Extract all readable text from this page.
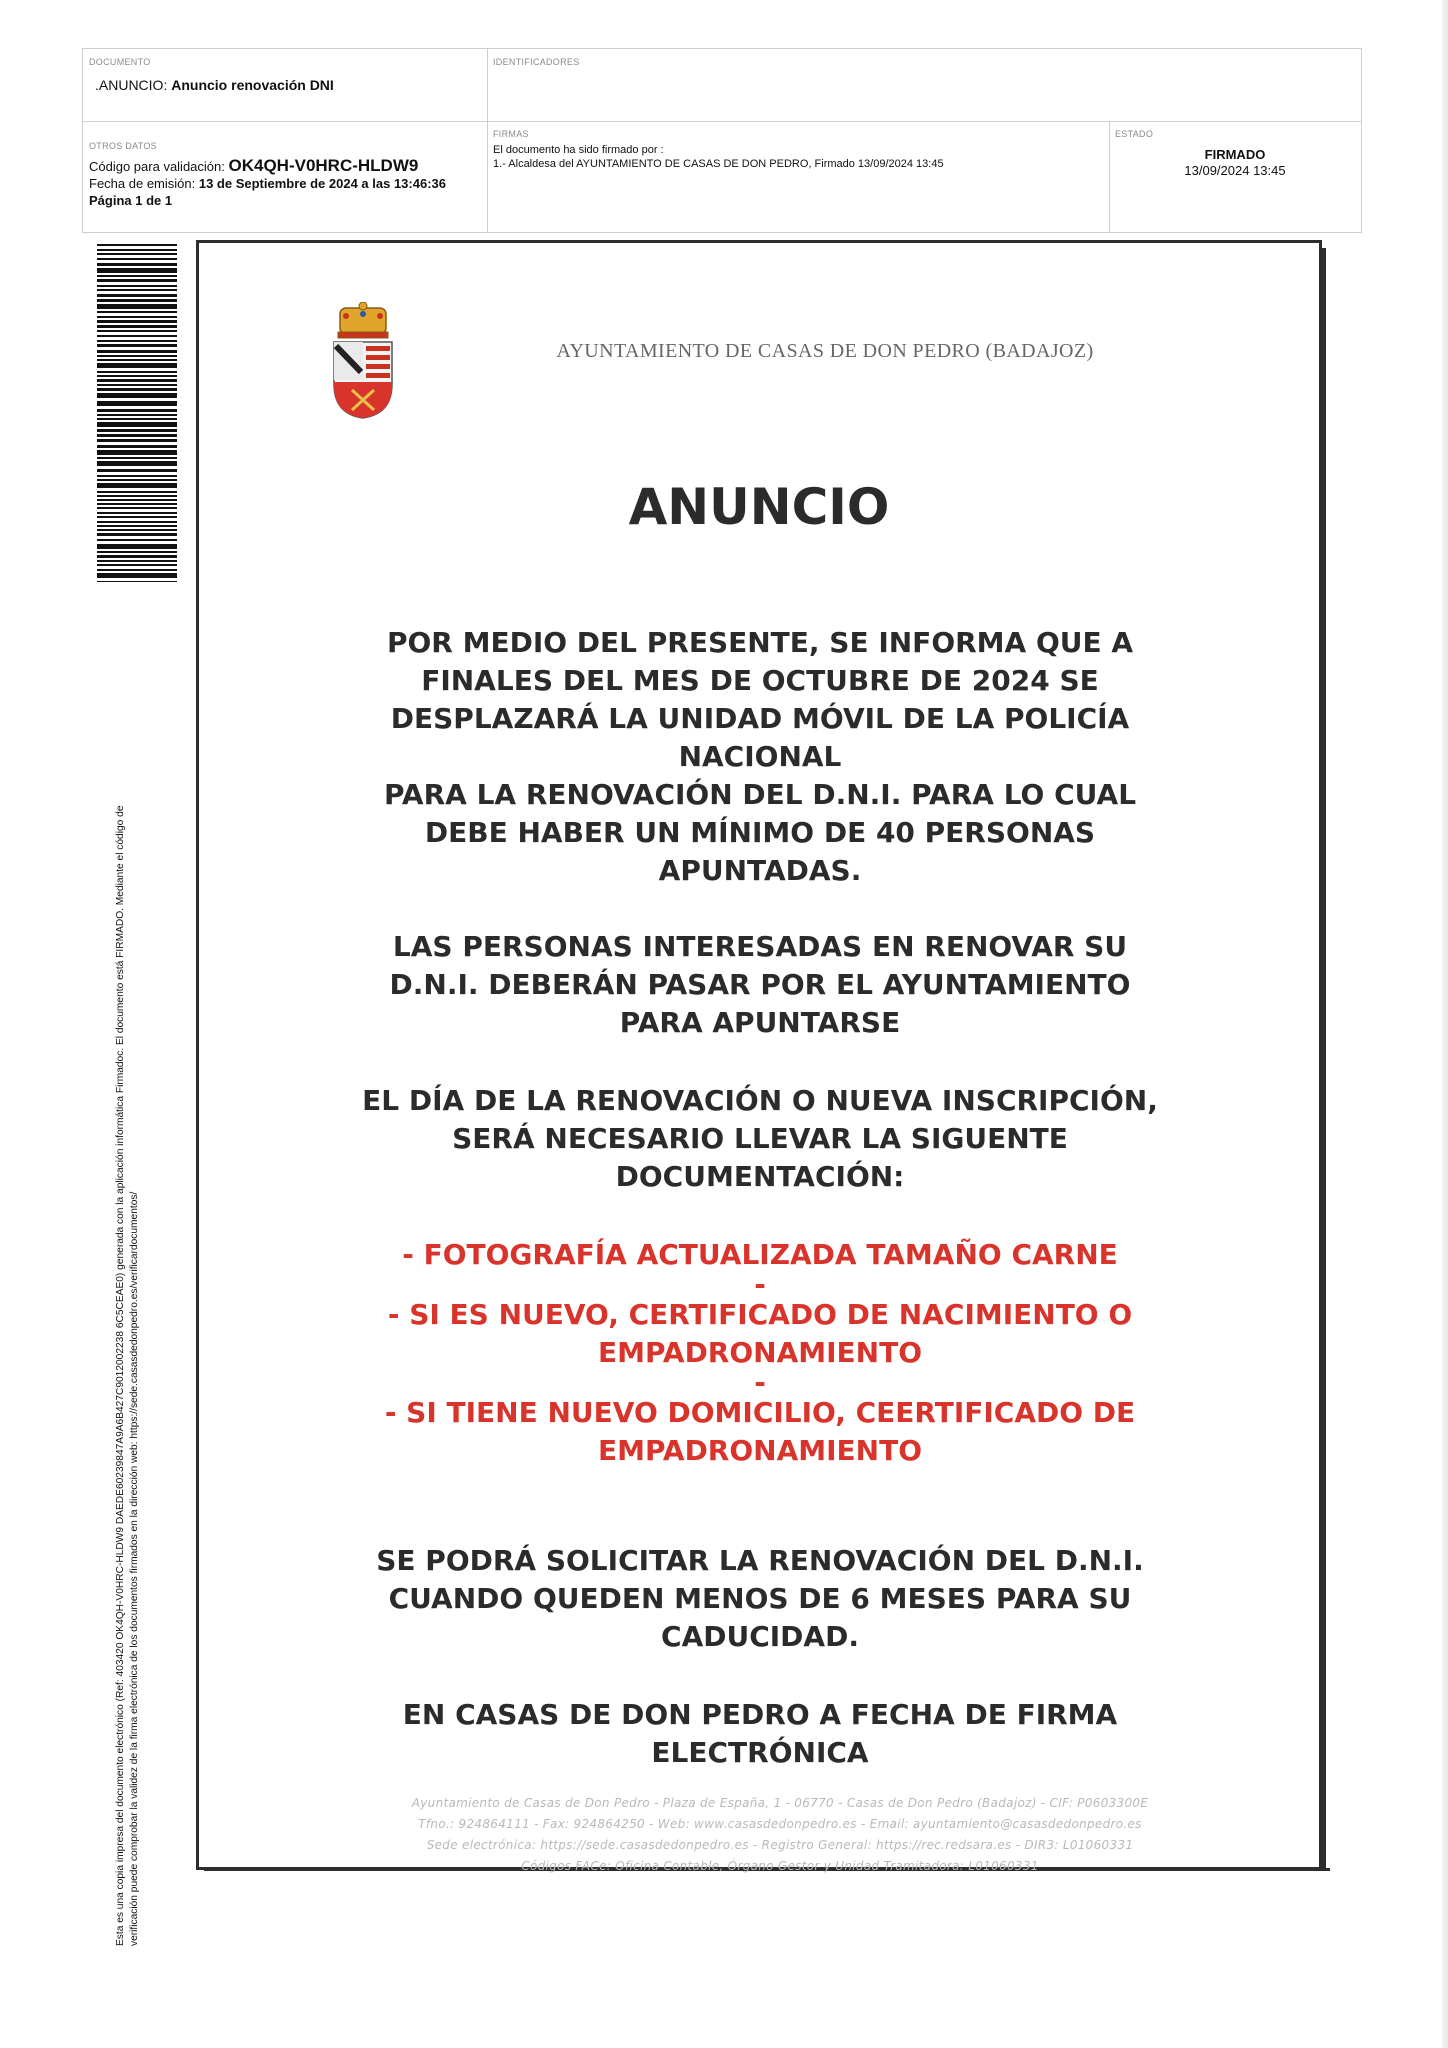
DOCUMENTO
.ANUNCIO: Anuncio renovación DNI
IDENTIFICADORES
OTROS DATOS
Código para validación: OK4QH-V0HRC-HLDW9
Fecha de emisión: 13 de Septiembre de 2024 a las 13:46:36
Página 1 de 1
FIRMAS
El documento ha sido firmado por :
1.- Alcaldesa del AYUNTAMIENTO DE CASAS DE DON PEDRO, Firmado 13/09/2024 13:45
ESTADO
FIRMADO
13/09/2024 13:45
Esta es una copia impresa del documento electrónico (Ref: 403420 OK4QH-V0HRC-HLDW9 DAEDE60239847A9A6B427C9012002238 6C5CEAE0) generada con la aplicación informática Firmadoc. El documento está FIRMADO. Mediante el código de verificación puede comprobar la validez de la firma electrónica de los documentos firmados en la dirección web: https://sede.casasdedonpedro.es/verificardocumentos/
AYUNTAMIENTO DE CASAS DE DON PEDRO (BADAJOZ)
ANUNCIO
POR MEDIO DEL PRESENTE, SE INFORMA QUE A
FINALES DEL MES DE OCTUBRE DE 2024 SE
DESPLAZARÁ LA UNIDAD MÓVIL DE LA POLICÍA
NACIONAL
PARA LA RENOVACIÓN DEL D.N.I. PARA LO CUAL
DEBE HABER UN MÍNIMO DE 40 PERSONAS
APUNTADAS.
LAS PERSONAS INTERESADAS EN RENOVAR SU
D.N.I. DEBERÁN PASAR POR EL AYUNTAMIENTO
PARA APUNTARSE
EL DÍA DE LA RENOVACIÓN O NUEVA INSCRIPCIÓN,
SERÁ NECESARIO LLEVAR LA SIGUENTE
DOCUMENTACIÓN:
- FOTOGRAFÍA ACTUALIZADA TAMAÑO CARNE
-
- SI ES NUEVO, CERTIFICADO DE NACIMIENTO O
EMPADRONAMIENTO
-
- SI TIENE NUEVO DOMICILIO, CEERTIFICADO DE
EMPADRONAMIENTO
SE PODRÁ SOLICITAR LA RENOVACIÓN DEL D.N.I.
CUANDO QUEDEN MENOS DE 6 MESES PARA SU
CADUCIDAD.
EN CASAS DE DON PEDRO A FECHA DE FIRMA
ELECTRÓNICA
Ayuntamiento de Casas de Don Pedro - Plaza de España, 1 - 06770 - Casas de Don Pedro (Badajoz) - CIF: P0603300E
Tfno.: 924864111 - Fax: 924864250 - Web: www.casasdedonpedro.es - Email: ayuntamiento@casasdedonpedro.es
Sede electrónica: https://sede.casasdedonpedro.es - Registro General: https://rec.redsara.es - DIR3: L01060331
Códigos FACe: Oficina Contable, Órgano Gestor y Unidad Tramitadora: L01060331
